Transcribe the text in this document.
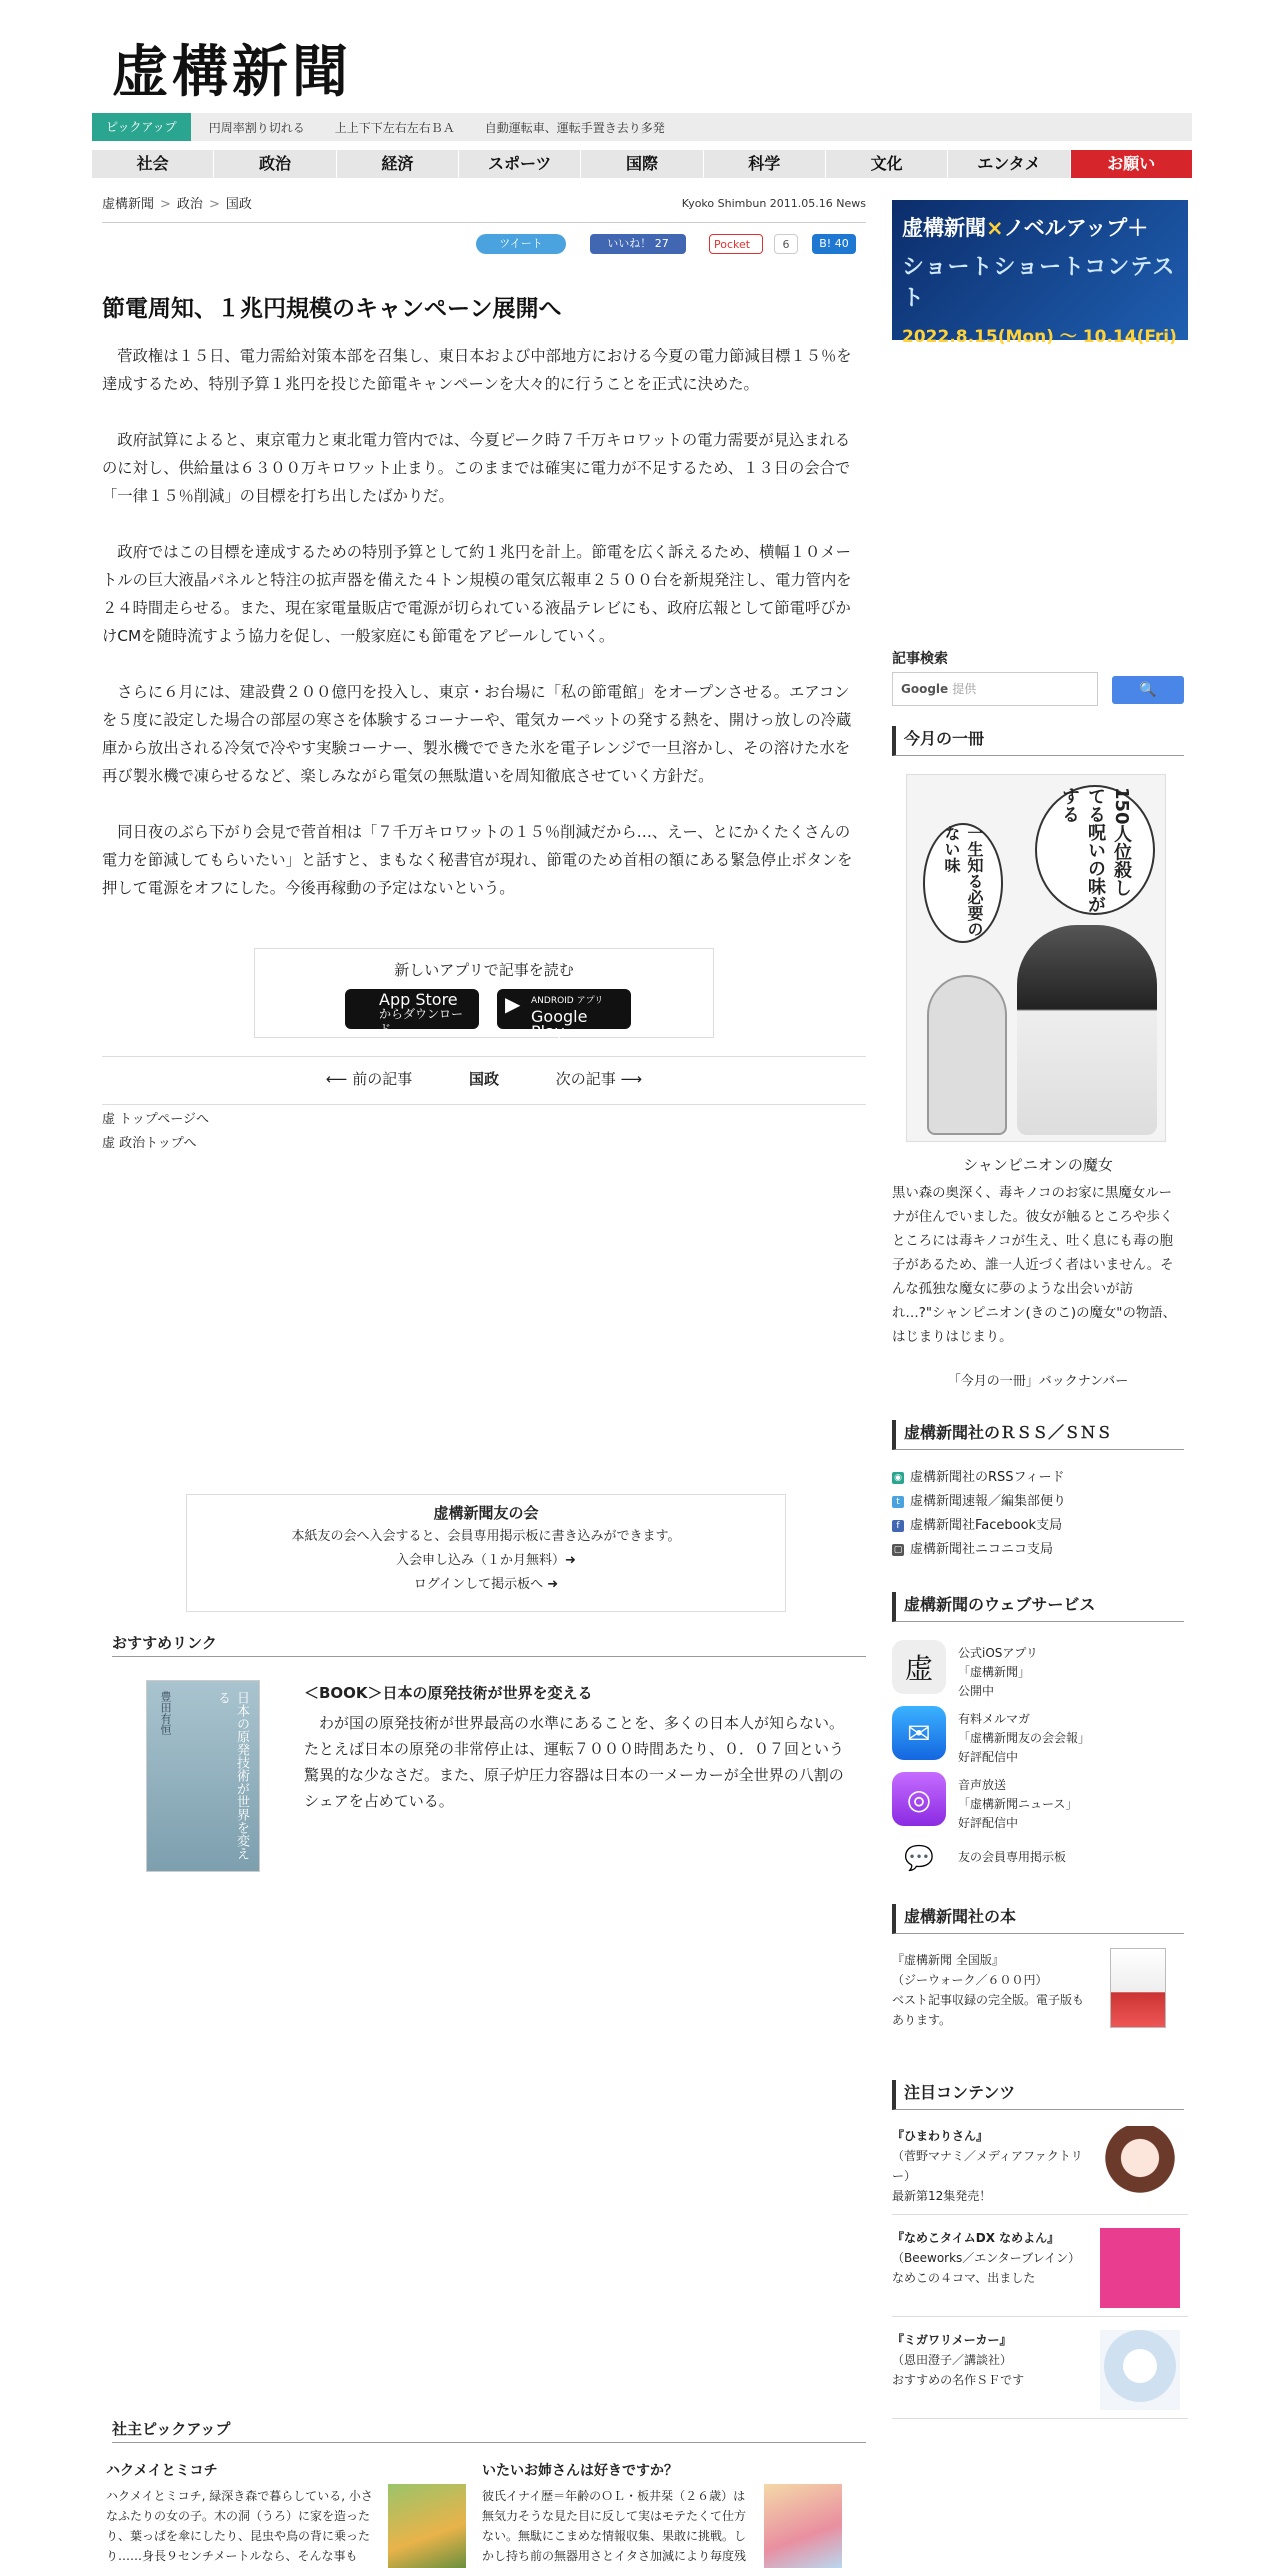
虚構新聞
ピックアップ	円周率割り切れる	上上下下左右左右ＢＡ	自動運転車、運転手置き去り多発
社会	政治	経済	スポーツ	国際	科学	文化	エンタメ	お願い
虚構新聞 > 政治 > 国政	Kyoko Shimbun 2011.05.16 News
ツイート	いいね！ 27	Pocket	6	B! 40
節電周知、１兆円規模のキャンペーン展開へ

菅政権は１５日、電力需給対策本部を召集し、東日本および中部地方における今夏の電力節減目標１５％を達成するため、特別予算１兆円を投じた節電キャンペーンを大々的に行うことを正式に決めた。

政府試算によると、東京電力と東北電力管内では、今夏ピーク時７千万キロワットの電力需要が見込まれるのに対し、供給量は６３００万キロワット止まり。このままでは確実に電力が不足するため、１３日の会合で「一律１５％削減」の目標を打ち出したばかりだ。

政府ではこの目標を達成するための特別予算として約１兆円を計上。節電を広く訴えるため、横幅１０メートルの巨大液晶パネルと特注の拡声器を備えた４トン規模の電気広報車２５００台を新規発注し、電力管内を２４時間走らせる。また、現在家電量販店で電源が切られている液晶テレビにも、政府広報として節電呼びかけCMを随時流すよう協力を促し、一般家庭にも節電をアピールしていく。

さらに６月には、建設費２００億円を投入し、東京・お台場に「私の節電館」をオープンさせる。エアコンを５度に設定した場合の部屋の寒さを体験するコーナーや、電気カーペットの発する熱を、開けっ放しの冷蔵庫から放出される冷気で冷やす実験コーナー、製氷機でできた氷を電子レンジで一旦溶かし、その溶けた水を再び製氷機で凍らせるなど、楽しみながら電気の無駄遣いを周知徹底させていく方針だ。

同日夜のぶら下がり会見で菅首相は「７千万キロワットの１５％削減だから…、えー、とにかくたくさんの電力を節減してもらいたい」と話すと、まもなく秘書官が現れ、節電のため首相の額にある緊急停止ボタンを押して電源をオフにした。今後再稼動の予定はないという。

新しいアプリで記事を読む
App Store
からダウンロード
▶ ANDROID アプリ
Google Play
⟵ 前の記事	国政	次の記事 ⟶
虚 トップページへ
虚 政治トップへ
虚構新聞友の会
本紙友の会へ入会すると、会員専用掲示板に書き込みができます。
入会申し込み（１か月無料）➜
ログインして掲示板へ ➜
おすすめリンク
日本の原発技術が世界を変える
豊田有恒	＜BOOK＞日本の原発技術が世界を変える
わが国の原発技術が世界最高の水準にあることを、多くの日本人が知らない。たとえば日本の原発の非常停止は、運転７０００時間あたり、０．０７回という驚異的な少なさだ。また、原子炉圧力容器は日本の一メーカーが全世界の八割のシェアを占めている。
社主ピックアップ
ハクメイとミコチ
ハクメイとミコチ, 緑深き森で暮らしている, 小さなふたりの女の子。木の洞（うろ）に家を造ったり、葉っぱを傘にしたり、昆虫や鳥の背に乗ったり……身長９センチメートルなら、そんな事も
いたいお姉さんは好きですか？
彼氏イナイ歴＝年齢のＯＬ・板井栞（２６歳）は無気力そうな見た目に反して実はモテたくて仕方ない。無駄にこまめな情報収集、果敢に挑戦。しかし持ち前の無器用さとイタさ加減により毎度残
虚構新聞×ノベルアップ＋
ショートショートコンテスト
2022.8.15(Mon) 〜 10.14(Fri)
記事検索
Google 提供	🔍
今月の一冊
150人位殺してる呪いの味がする
一生知る必要のない味
シャンピニオンの魔女
黒い森の奥深く、毒キノコのお家に黒魔女ルーナが住んでいました。彼女が触るところや歩くところには毒キノコが生え、吐く息にも毒の胞子があるため、誰一人近づく者はいません。そんな孤独な魔女に夢のような出会いが訪れ…?"シャンピニオン(きのこ)の魔女"の物語、はじまりはじまり。
「今月の一冊」バックナンバー
虚構新聞社のＲＳＳ／ＳＮＳ
◉ 虚構新聞社のRSSフィード
t 虚構新聞速報／編集部便り
f 虚構新聞社Facebook支局
▢ 虚構新聞社ニコニコ支局
虚構新聞のウェブサービス
虚	公式iOSアプリ
「虚構新聞」
公開中
✉	有料メルマガ
「虚構新聞友の会会報」
好評配信中
◎	音声放送
「虚構新聞ニュース」
好評配信中
💬	友の会員専用掲示板
虚構新聞社の本
『虚構新聞 全国版』
（ジーウォーク／６００円）
ベスト記事収録の完全版。電子版もあります。
注目コンテンツ
『ひまわりさん』
（菅野マナミ／メディアファクトリー）
最新第12集発売！
『なめこタイムDX なめよん』
（Beeworks／エンターブレイン）
なめこの４コマ、出ました
『ミガワリメーカー』
（恩田澄子／講談社）
おすすめの名作ＳＦです
